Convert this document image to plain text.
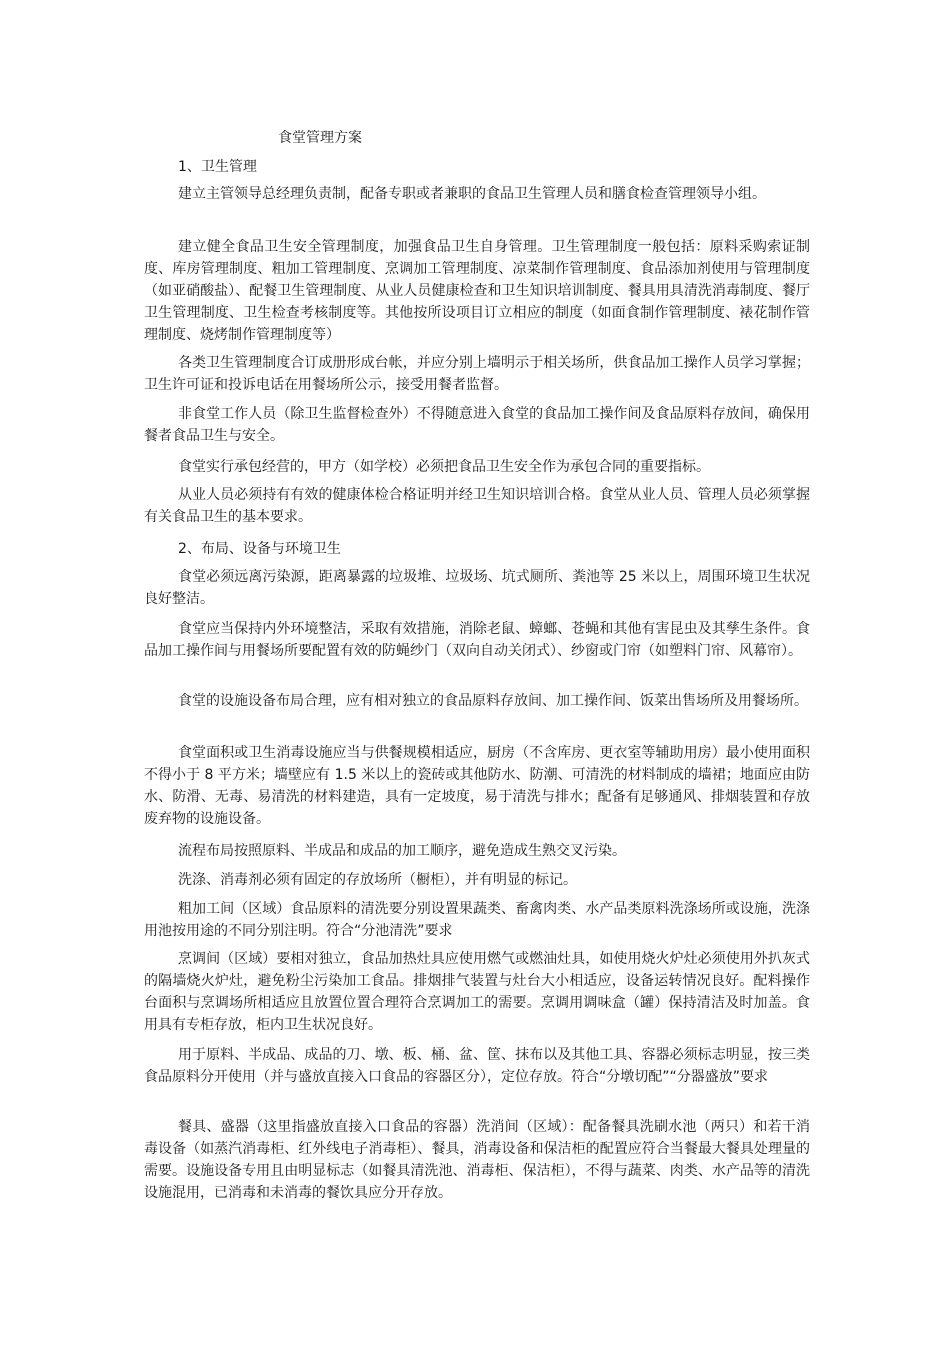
食堂管理方案
1、卫生管理

建立主管领导总经理负责制，配备专职或者兼职的食品卫生管理人员和膳食检查管理领导小组。

建立健全食品卫生安全管理制度，加强食品卫生自身管理。卫生管理制度一般包括：原料采购索证制度、库房管理制度、粗加工管理制度、烹调加工管理制度、凉菜制作管理制度、食品添加剂使用与管理制度（如亚硝酸盐）、配餐卫生管理制度、从业人员健康检查和卫生知识培训制度、餐具用具清洗消毒制度、餐厅卫生管理制度、卫生检查考核制度等。其他按所设项目订立相应的制度（如面食制作管理制度、裱花制作管理制度、烧烤制作管理制度等）

各类卫生管理制度合订成册形成台帐，并应分别上墙明示于相关场所，供食品加工操作人员学习掌握；卫生许可证和投诉电话在用餐场所公示，接受用餐者监督。

非食堂工作人员（除卫生监督检查外）不得随意进入食堂的食品加工操作间及食品原料存放间，确保用餐者食品卫生与安全。

食堂实行承包经营的，甲方（如学校）必须把食品卫生安全作为承包合同的重要指标。

从业人员必须持有有效的健康体检合格证明并经卫生知识培训合格。食堂从业人员、管理人员必须掌握有关食品卫生的基本要求。

2、布局、设备与环境卫生

食堂必须远离污染源，距离暴露的垃圾堆、垃圾场、坑式厕所、粪池等 25 米以上，周围环境卫生状况良好整洁。

食堂应当保持内外环境整洁，采取有效措施，消除老鼠、蟑螂、苍蝇和其他有害昆虫及其孳生条件。食品加工操作间与用餐场所要配置有效的防蝇纱门（双向自动关闭式）、纱窗或门帘（如塑料门帘、风幕帘）。

食堂的设施设备布局合理，应有相对独立的食品原料存放间、加工操作间、饭菜出售场所及用餐场所。

食堂面积或卫生消毒设施应当与供餐规模相适应，厨房（不含库房、更衣室等辅助用房）最小使用面积不得小于 8 平方米；墙壁应有 1.5 米以上的瓷砖或其他防水、防潮、可清洗的材料制成的墙裙；地面应由防水、防滑、无毒、易清洗的材料建造，具有一定坡度，易于清洗与排水；配备有足够通风、排烟装置和存放废弃物的设施设备。

流程布局按照原料、半成品和成品的加工顺序，避免造成生熟交叉污染。

洗涤、消毒剂必须有固定的存放场所（橱柜），并有明显的标记。

粗加工间（区域）食品原料的清洗要分别设置果蔬类、畜禽肉类、水产品类原料洗涤场所或设施，洗涤用池按用途的不同分别注明。符合“分池清洗”要求

烹调间（区域）要相对独立，食品加热灶具应使用燃气或燃油灶具，如使用烧火炉灶必须使用外扒灰式的隔墙烧火炉灶，避免粉尘污染加工食品。排烟排气装置与灶台大小相适应，设备运转情况良好。配料操作台面积与烹调场所相适应且放置位置合理符合烹调加工的需要。烹调用调味盒（罐）保持清洁及时加盖。食用具有专柜存放，柜内卫生状况良好。

用于原料、半成品、成品的刀、墩、板、桶、盆、筐、抹布以及其他工具、容器必须标志明显，按三类食品原料分开使用（并与盛放直接入口食品的容器区分），定位存放。符合“分墩切配”“分器盛放”要求

餐具、盛器（这里指盛放直接入口食品的容器）洗消间（区域）：配备餐具洗刷水池（两只）和若干消毒设备（如蒸汽消毒柜、红外线电子消毒柜）、餐具，消毒设备和保洁柜的配置应符合当餐最大餐具处理量的需要。设施设备专用且由明显标志（如餐具清洗池、消毒柜、保洁柜），不得与蔬菜、肉类、水产品等的清洗设施混用，已消毒和未消毒的餐饮具应分开存放。
